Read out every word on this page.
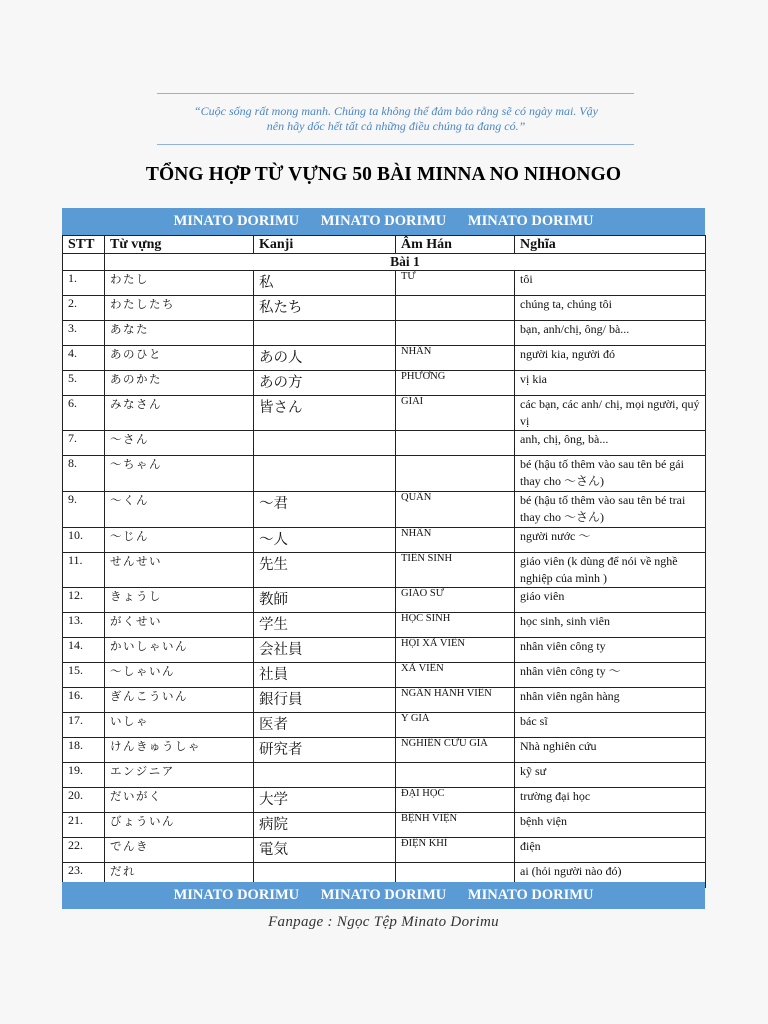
“Cuộc sống rất mong manh. Chúng ta không thể đảm bảo rằng sẽ có ngày mai. Vậy
nên hãy dốc hết tất cả những điều chúng ta đang có.”
TỔNG HỢP TỪ VỰNG 50 BÀI MINNA NO NIHONGO
MINATO DORIMU MINATO DORIMU MINATO DORIMU
STT	Từ vựng	Kanji	Âm Hán	Nghĩa
	Bài 1			
1.	わたし	私	TƯ	tôi
2.	わたしたち	私たち		chúng ta, chúng tôi
3.	あなた			bạn, anh/chị, ông/ bà...
4.	あのひと	あの人	NHÂN	người kia, người đó
5.	あのかた	あの方	PHƯƠNG	vị kia
6.	みなさん	皆さん	GIAI	các bạn, các anh/ chị, mọi người, quý vị
7.	～さん			anh, chị, ông, bà...
8.	～ちゃん			bé (hậu tố thêm vào sau tên bé gái thay cho ～さん)
9.	～くん	～君	QUÂN	bé (hậu tố thêm vào sau tên bé trai thay cho ～さん)
10.	～じん	～人	NHÂN	người nước ～
11.	せんせい	先生	TIÊN SINH	giáo viên (k dùng để nói về nghề nghiệp của mình )
12.	きょうし	教師	GIÁO SƯ	giáo viên
13.	がくせい	学生	HỌC SINH	học sinh, sinh viên
14.	かいしゃいん	会社員	HỘI XÃ VIÊN	nhân viên công ty
15.	～しゃいん	社員	XÃ VIÊN	nhân viên công ty ～
16.	ぎんこういん	銀行員	NGÂN HÀNH VIÊN	nhân viên ngân hàng
17.	いしゃ	医者	Y GIẢ	bác sĩ
18.	けんきゅうしゃ	研究者	NGHIÊN CỨU GIẢ	Nhà nghiên cứu
19.	エンジニア			kỹ sư
20.	だいがく	大学	ĐẠI HỌC	trường đại học
21.	びょういん	病院	BỆNH VIỆN	bệnh viện
22.	でんき	電気	ĐIỆN KHÍ	điện
23.	だれ			ai (hỏi người nào đó)
MINATO DORIMU MINATO DORIMU MINATO DORIMU
Fanpage : Ngọc Tệp Minato Dorimu
